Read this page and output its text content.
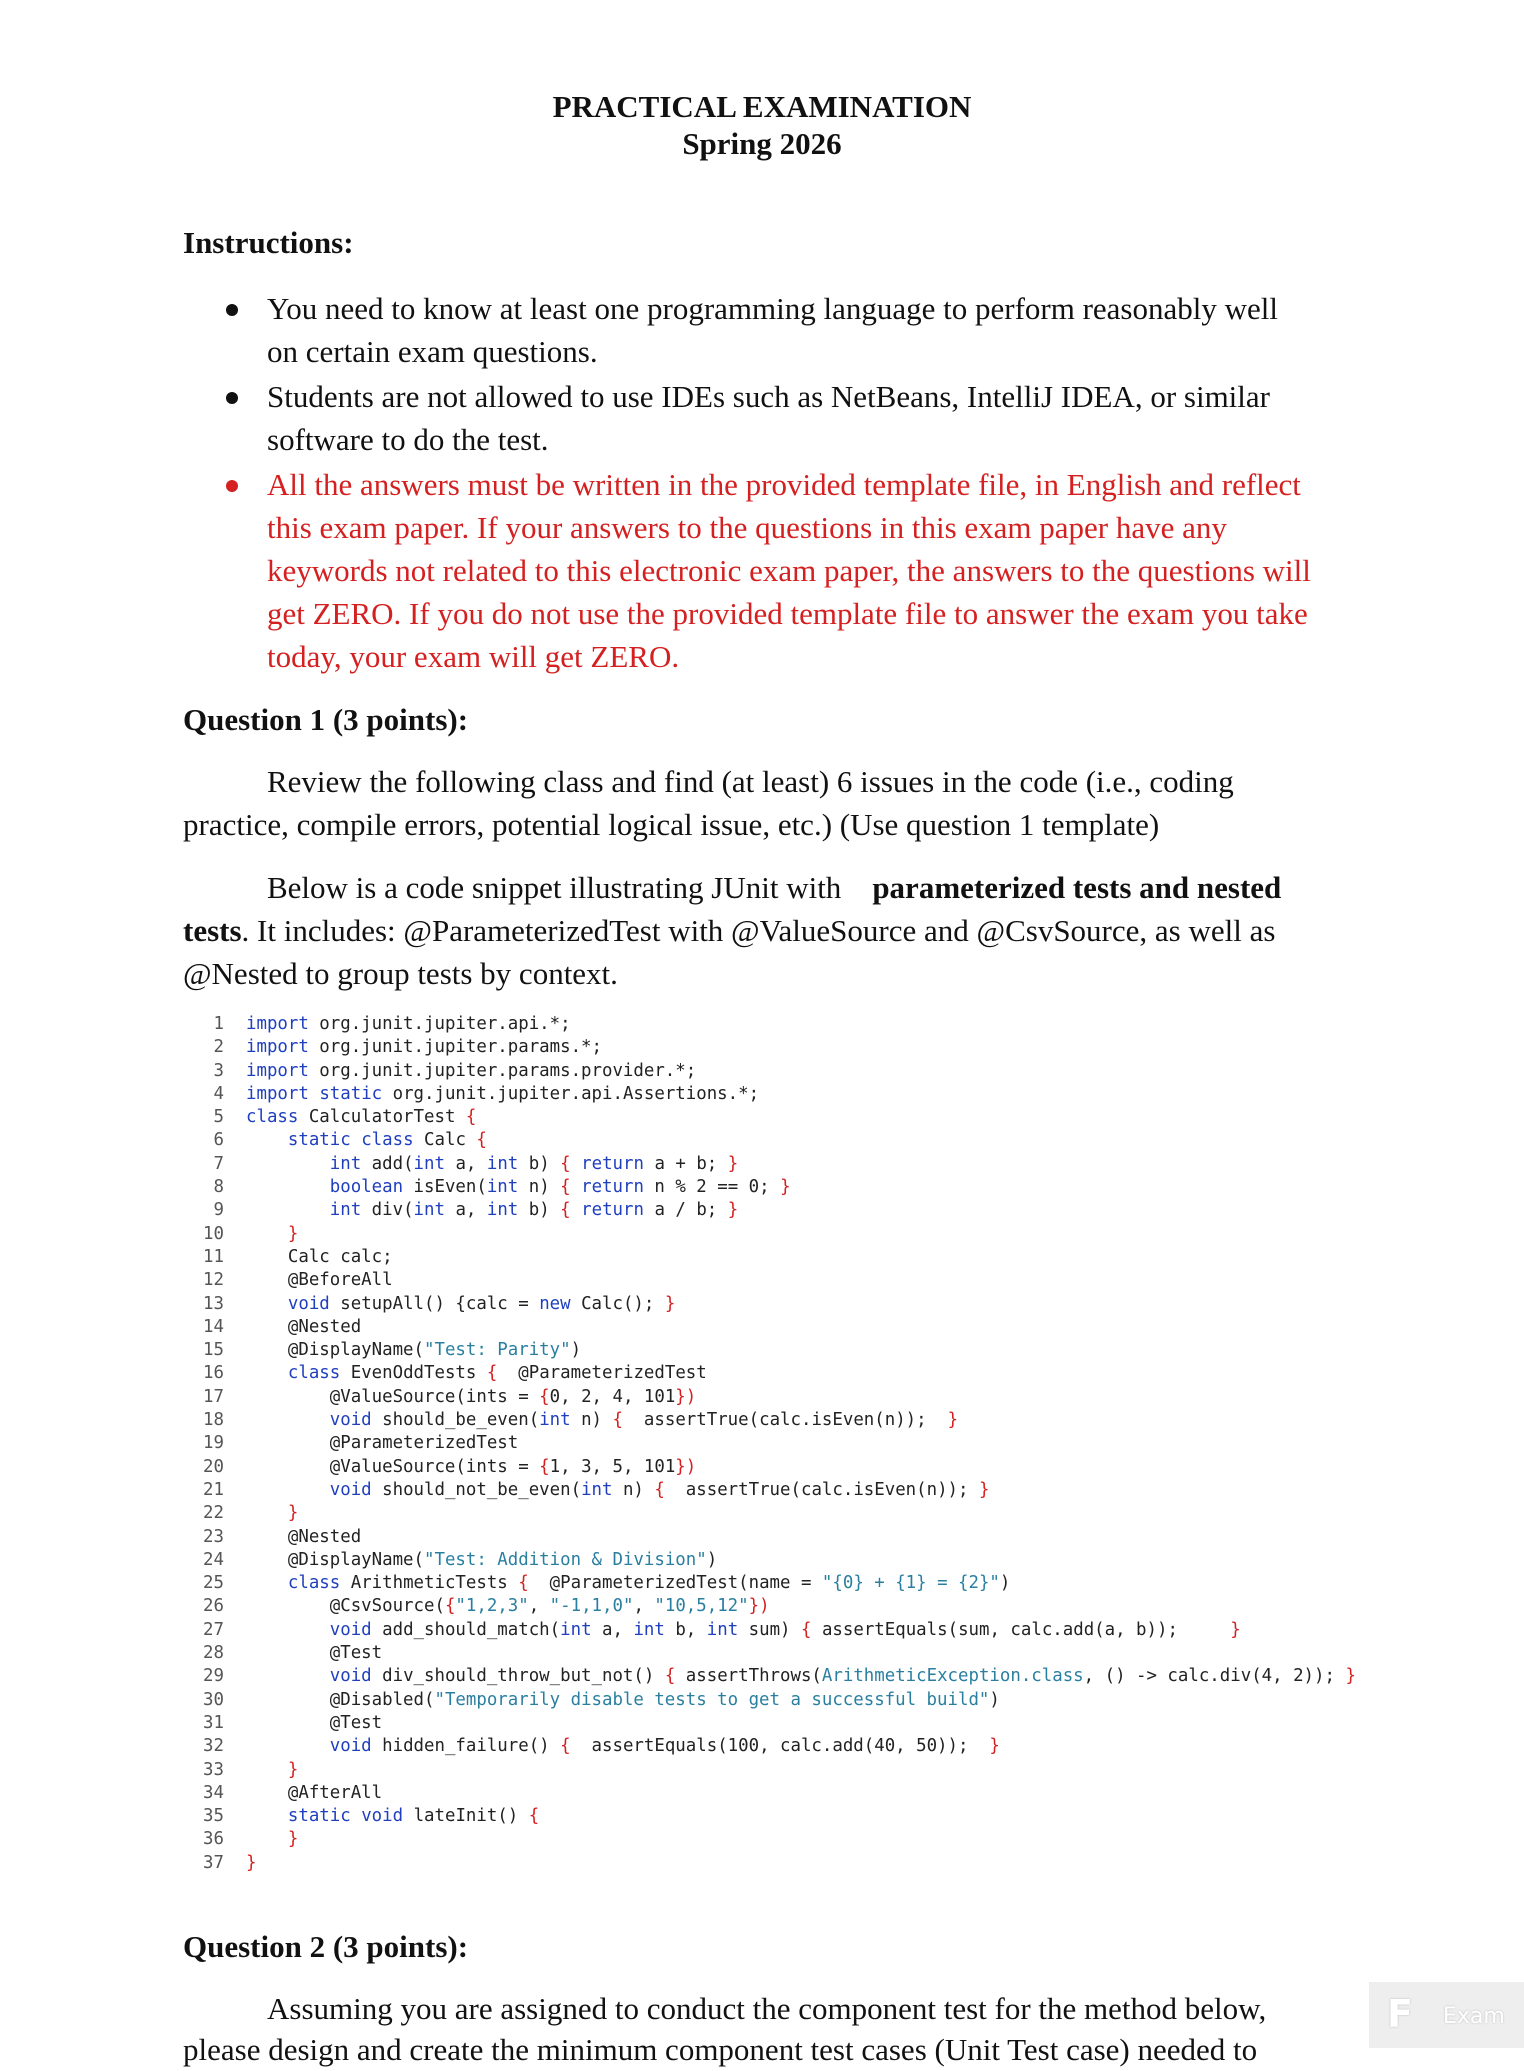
PRACTICAL EXAMINATION
Spring 2026
Instructions:
You need to know at least one programming language to perform reasonably well
on certain exam questions.
Students are not allowed to use IDEs such as NetBeans, IntelliJ IDEA, or similar
software to do the test.
All the answers must be written in the provided template file, in English and reflect
this exam paper. If your answers to the questions in this exam paper have any
keywords not related to this electronic exam paper, the answers to the questions will
get ZERO. If you do not use the provided template file to answer the exam you take
today, your exam will get ZERO.
Question 1 (3 points):
Review the following class and find (at least) 6 issues in the code (i.e., coding
practice, compile errors, potential logical issue, etc.) (Use question 1 template)
Below is a code snippet illustrating JUnit with parameterized tests and nested
tests. It includes: @ParameterizedTest with @ValueSource and @CsvSource, as well as
@Nested to group tests by context.
1 import org.junit.jupiter.api.*;
2 import org.junit.jupiter.params.*;
3 import org.junit.jupiter.params.provider.*;
4 import static org.junit.jupiter.api.Assertions.*;
5 class CalculatorTest {
6	static class Calc {
7	int add(int a, int b) { return a + b; }
8	boolean isEven(int n) { return n % 2 == 0; }
9	int div(int a, int b) { return a / b; }
10	}
11	Calc calc;
12	@BeforeAll
13	void setupAll() {calc = new Calc(); }
14	@Nested
15	@DisplayName("Test: Parity")
16	class EvenOddTests {  @ParameterizedTest
17	@ValueSource(ints = {0, 2, 4, 101})
18	void should_be_even(int n) {  assertTrue(calc.isEven(n));  }
19	@ParameterizedTest
20	@ValueSource(ints = {1, 3, 5, 101})
21	void should_not_be_even(int n) {  assertTrue(calc.isEven(n)); }
22	}
23	@Nested
24	@DisplayName("Test: Addition & Division")
25	class ArithmeticTests {  @ParameterizedTest(name = "{0} + {1} = {2}")
26	@CsvSource({"1,2,3", "-1,1,0", "10,5,12"})
27	void add_should_match(int a, int b, int sum) { assertEquals(sum, calc.add(a, b));     }
28	@Test
29	void div_should_throw_but_not() { assertThrows(ArithmeticException.class, () -> calc.div(4, 2)); }
30	@Disabled("Temporarily disable tests to get a successful build")
31	@Test
32	void hidden_failure() {  assertEquals(100, calc.add(40, 50));  }
33	}
34	@AfterAll
35	static void lateInit() {
36	}
37 }
Question 2 (3 points):
Assuming you are assigned to conduct the component test for the method below,
please design and create the minimum component test cases (Unit Test case) needed to
F Exam
